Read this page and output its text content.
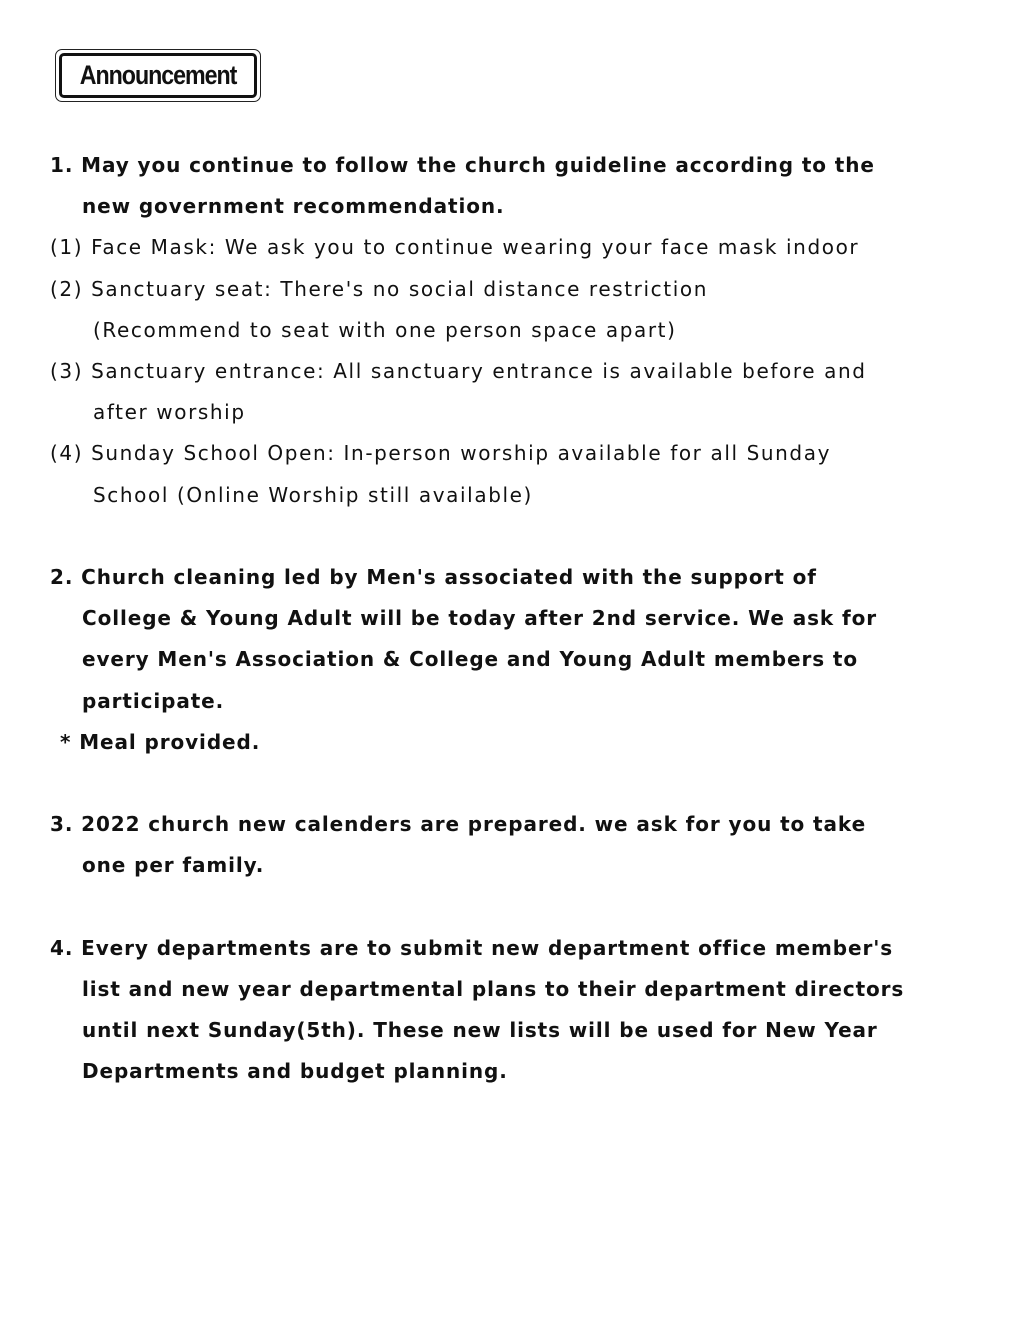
Announcement
1. May you continue to follow the church guideline according to the
new government recommendation.
(1) Face Mask: We ask you to continue wearing your face mask indoor
(2) Sanctuary seat: There's no social distance restriction
(Recommend to seat with one person space apart)
(3) Sanctuary entrance: All sanctuary entrance is available before and
after worship
(4) Sunday School Open: In-person worship available for all Sunday
School (Online Worship still available)
2. Church cleaning led by Men's associated with the support of
College & Young Adult will be today after 2nd service. We ask for
every Men's Association & College and Young Adult members to
participate.
* Meal provided.
3. 2022 church new calenders are prepared. we ask for you to take
one per family.
4. Every departments are to submit new department office member's
list and new year departmental plans to their department directors
until next Sunday(5th). These new lists will be used for New Year
Departments and budget planning.
